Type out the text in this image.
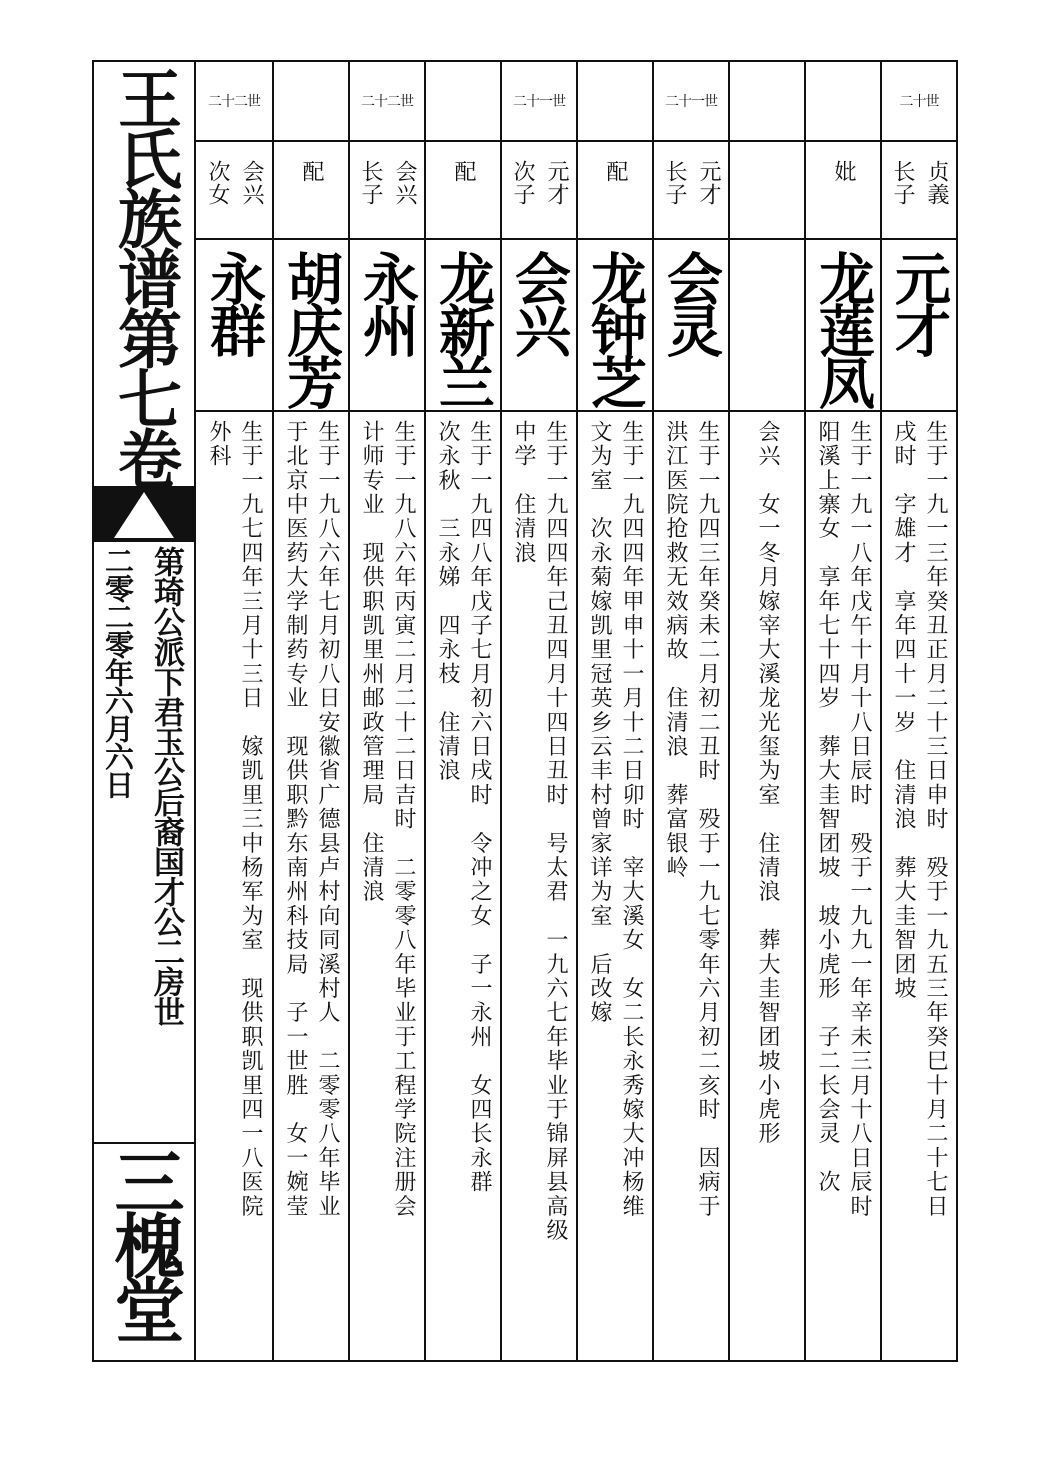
王氏族谱第七卷
第琦公派下君玉公后裔国才公二房世
二零二零年六月六日
三槐堂
二十世
贞義
长子
元才
生于一九一三年癸丑正月二十三日申时　殁于一九五三年癸巳十月二十七日
戌时　字雄才　享年四十一岁　住清浪　葬大圭智团坡
妣
龙莲凤
生于一九一八年戊午十月十八日辰时　殁于一九九一年辛未三月十八日辰时
阳溪上寨女　享年七十四岁　葬大圭智团坡　坡小虎形　子二长会灵　次
会兴　女一冬月嫁宰大溪龙光玺为室　住清浪　葬大圭智团坡小虎形
二十一世
元才
长子
会灵
生于一九四三年癸未二月初二丑时　殁于一九七零年六月初二亥时　因病于
洪江医院抢救无效病故　住清浪　葬富银岭
配
龙钟芝
生于一九四四年甲申十一月十二日卯时　宰大溪女　女二长永秀嫁大冲杨维
文为室　次永菊嫁凯里冠英乡云丰村曾家详为室　后改嫁
二十一世
元才
次子
会兴
生于一九四四年己丑四月十四日丑时　号太君　一九六七年毕业于锦屏县高级
中学　住清浪
配
龙新兰
生于一九四八年戊子七月初六日戌时　令冲之女　子一永州　女四长永群
次永秋　三永娣　四永枝　住清浪
二十二世
会兴
长子
永州
生于一九八六年丙寅二月二十二日吉时　二零零八年毕业于工程学院注册会
计师专业　现供职凯里州邮政管理局　住清浪
配
胡庆芳
生于一九八六年七月初八日安徽省广德县卢村向同溪村人　二零零八年毕业
于北京中医药大学制药专业　现供职黔东南州科技局　子一世胜　女一婉莹
二十二世
会兴
次女
永群
生于一九七四年三月十三日　嫁凯里三中杨军为室　现供职凯里四一八医院
外科
